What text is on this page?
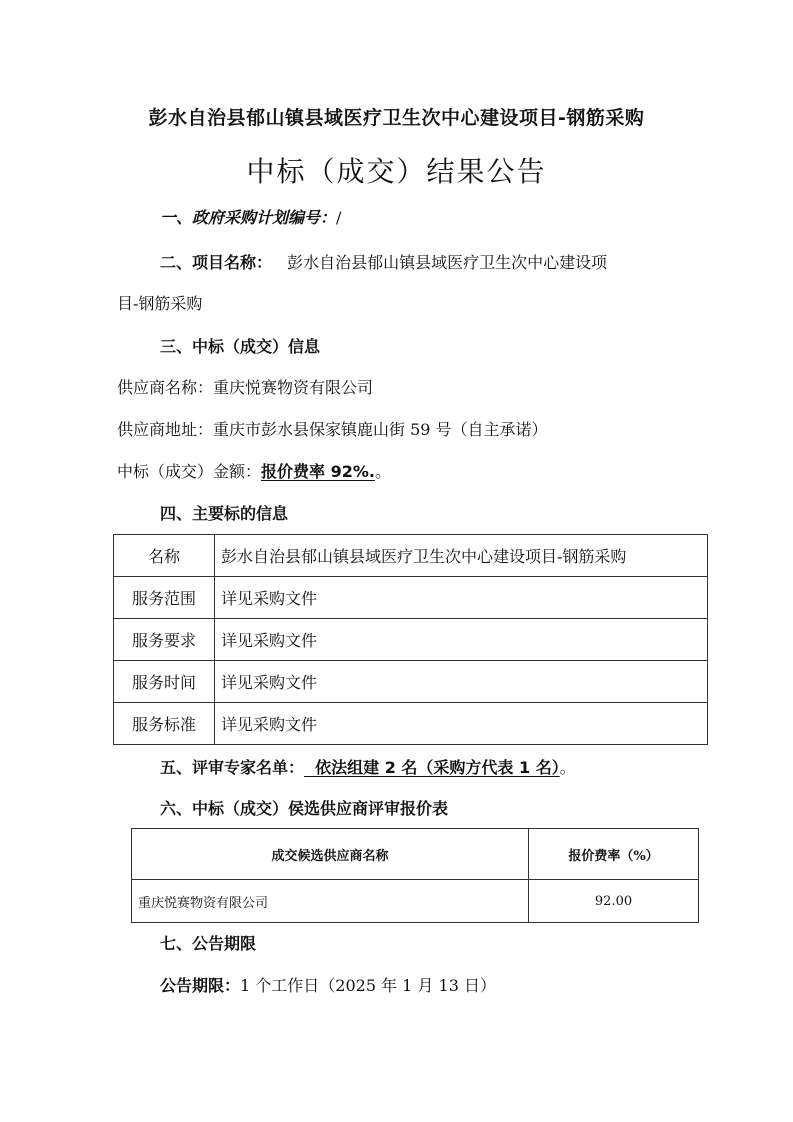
彭水自治县郁山镇县域医疗卫生次中心建设项目-钢筋采购
中标（成交）结果公告
一、政府采购计划编号：/
二、项目名称： 彭水自治县郁山镇县域医疗卫生次中心建设项
目-钢筋采购
三、中标（成交）信息
供应商名称：重庆悦赛物资有限公司
供应商地址：重庆市彭水县保家镇鹿山街 59 号（自主承诺）
中标（成交）金额：报价费率 92%.。
四、主要标的信息
名称	彭水自治县郁山镇县域医疗卫生次中心建设项目-钢筋采购
服务范围	详见采购文件
服务要求	详见采购文件
服务时间	详见采购文件
服务标准	详见采购文件
五、评审专家名单：  依法组建 2 名（采购方代表 1 名）。
六、中标（成交）侯选供应商评审报价表
成交候选供应商名称	报价费率（%）
重庆悦赛物资有限公司	92.00
七、公告期限
公告期限：1 个工作日（2025 年 1 月 13 日）
